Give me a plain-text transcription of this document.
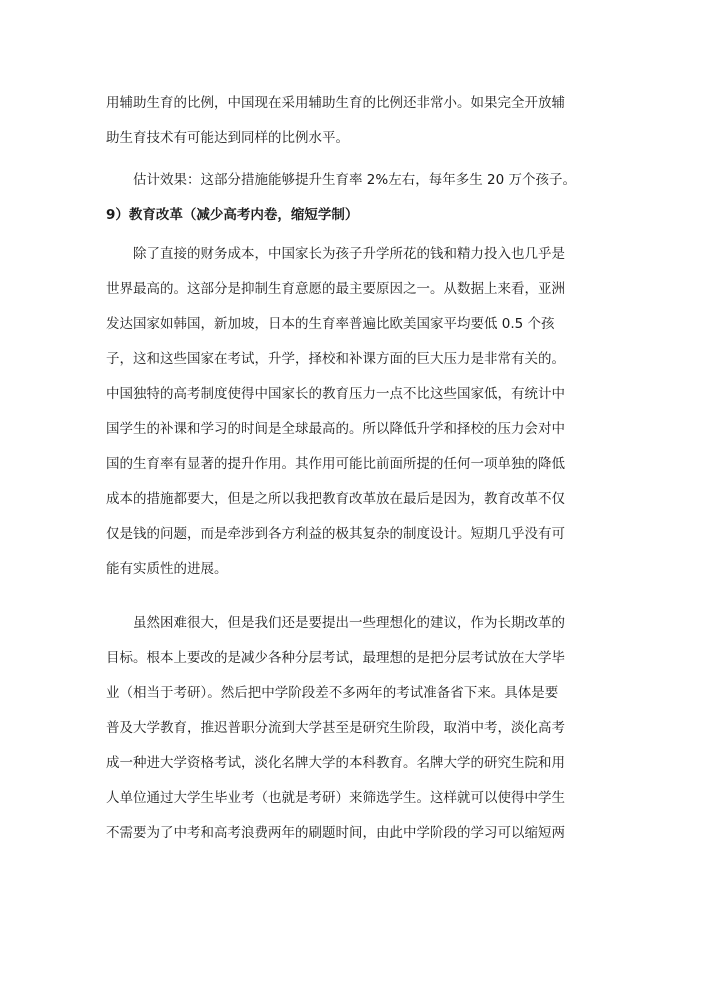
用辅助生育的比例，中国现在采用辅助生育的比例还非常小。如果完全开放辅
助生育技术有可能达到同样的比例水平。
估计效果：这部分措施能够提升生育率 2%左右，每年多生 20 万个孩子。
9）教育改革（减少高考内卷，缩短学制）
除了直接的财务成本，中国家长为孩子升学所花的钱和精力投入也几乎是
世界最高的。这部分是抑制生育意愿的最主要原因之一。从数据上来看，亚洲
发达国家如韩国，新加坡，日本的生育率普遍比欧美国家平均要低 0.5 个孩
子，这和这些国家在考试，升学，择校和补课方面的巨大压力是非常有关的。
中国独特的高考制度使得中国家长的教育压力一点不比这些国家低，有统计中
国学生的补课和学习的时间是全球最高的。所以降低升学和择校的压力会对中
国的生育率有显著的提升作用。其作用可能比前面所提的任何一项单独的降低
成本的措施都要大，但是之所以我把教育改革放在最后是因为，教育改革不仅
仅是钱的问题，而是牵涉到各方利益的极其复杂的制度设计。短期几乎没有可
能有实质性的进展。
虽然困难很大，但是我们还是要提出一些理想化的建议，作为长期改革的
目标。根本上要改的是减少各种分层考试，最理想的是把分层考试放在大学毕
业（相当于考研）。然后把中学阶段差不多两年的考试准备省下来。具体是要
普及大学教育，推迟普职分流到大学甚至是研究生阶段，取消中考，淡化高考
成一种进大学资格考试，淡化名牌大学的本科教育。名牌大学的研究生院和用
人单位通过大学生毕业考（也就是考研）来筛选学生。这样就可以使得中学生
不需要为了中考和高考浪费两年的刷题时间，由此中学阶段的学习可以缩短两
